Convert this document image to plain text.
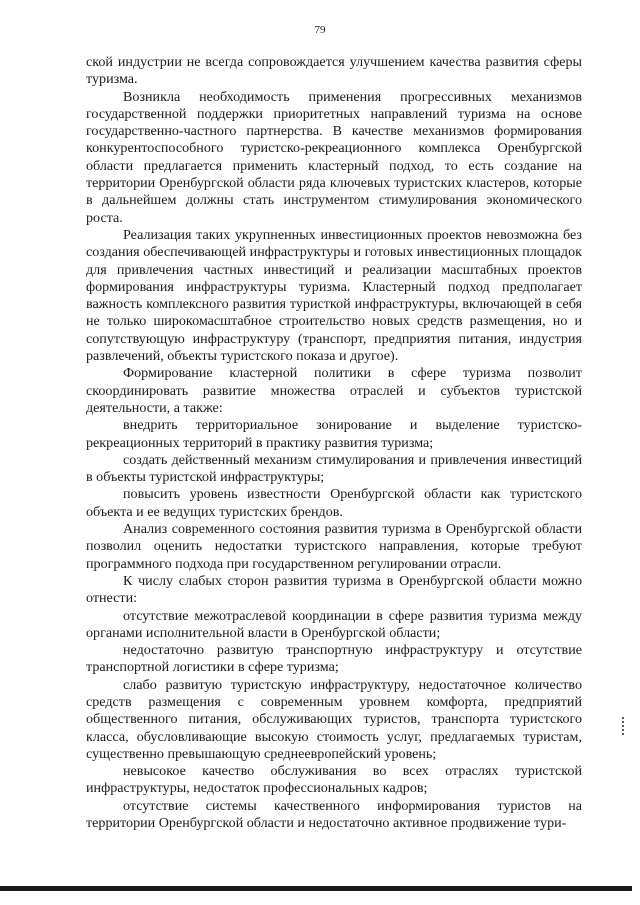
79

ской индустрии не всегда сопровождается улучшением качества развития сферы туризма.

Возникла необходимость применения прогрессивных механизмов государственной поддержки приоритетных направлений туризма на основе государственно-частного партнерства. В качестве механизмов формирования конкурентоспособного туристско-рекреационного комплекса Оренбургской области предлагается применить кластерный подход, то есть создание на территории Оренбургской области ряда ключевых туристских кластеров, которые в дальнейшем должны стать инструментом стимулирования экономического роста.

Реализация таких укрупненных инвестиционных проектов невозможна без создания обеспечивающей инфраструктуры и готовых инвестиционных площадок для привлечения частных инвестиций и реализации масштабных проектов формирования инфраструктуры туризма. Кластерный подход предполагает важность комплексного развития туристкой инфраструктуры, включающей в себя не только широкомасштабное строительство новых средств размещения, но и сопутствующую инфраструктуру (транспорт, предприятия питания, индустрия развлечений, объекты туристского показа и другое).

Формирование кластерной политики в сфере туризма позволит скоординировать развитие множества отраслей и субъектов туристской деятельности, а также:

внедрить территориальное зонирование и выделение туристско-рекреационных территорий в практику развития туризма;

создать действенный механизм стимулирования и привлечения инвестиций в объекты туристской инфраструктуры;

повысить уровень известности Оренбургской области как туристского объекта и ее ведущих туристских брендов.

Анализ современного состояния развития туризма в Оренбургской области позволил оценить недостатки туристского направления, которые требуют программного подхода при государственном регулировании отрасли.

К числу слабых сторон развития туризма в Оренбургской области можно отнести:

отсутствие межотраслевой координации в сфере развития туризма между органами исполнительной власти в Оренбургской области;

недостаточно развитую транспортную инфраструктуру и отсутствие транспортной логистики в сфере туризма;

слабо развитую туристскую инфраструктуру, недостаточное количество средств размещения с современным уровнем комфорта, предприятий общественного питания, обслуживающих туристов, транспорта туристского класса, обусловливающие высокую стоимость услуг, предлагаемых туристам, существенно превышающую среднеевропейский уровень;

невысокое качество обслуживания во всех отраслях туристской инфраструктуры, недостаток профессиональных кадров;

отсутствие системы качественного информирования туристов на территории Оренбургской области и недостаточно активное продвижение тури-
